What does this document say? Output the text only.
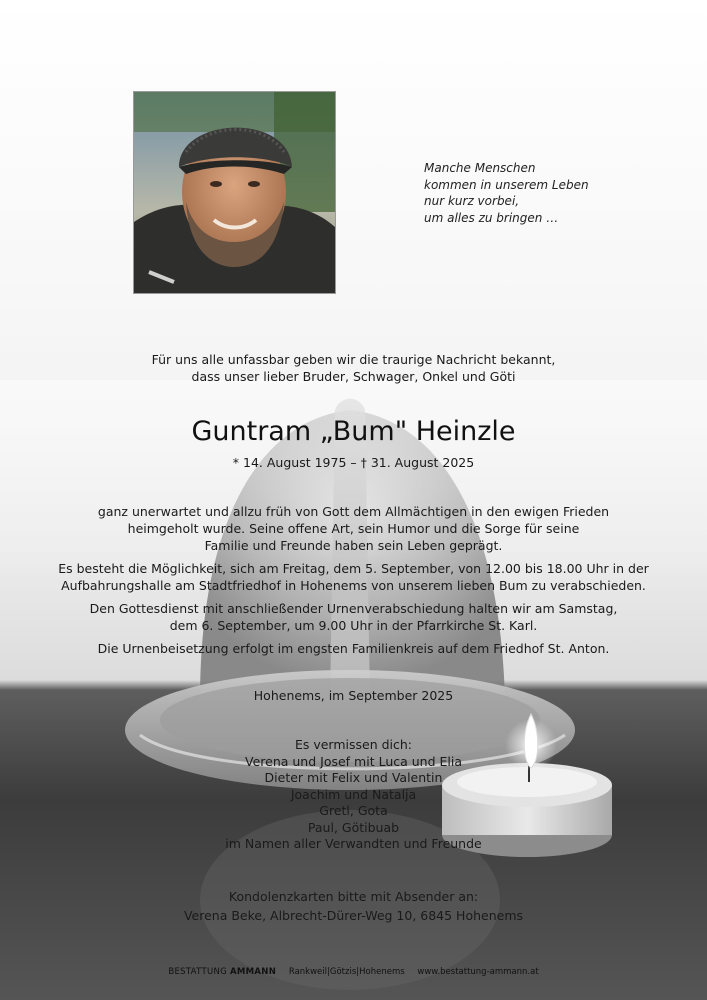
Manche Menschen
kommen in unserem Leben
nur kurz vorbei,
um alles zu bringen …
Für uns alle unfassbar geben wir die traurige Nachricht bekannt,
dass unser lieber Bruder, Schwager, Onkel und Göti
Guntram „Bum" Heinzle
* 14. August 1975 – † 31. August 2025
ganz unerwartet und allzu früh von Gott dem Allmächtigen in den ewigen Frieden
heimgeholt wurde. Seine offene Art, sein Humor und die Sorge für seine
Familie und Freunde haben sein Leben geprägt.
Es besteht die Möglichkeit, sich am Freitag, dem 5. September, von 12.00 bis 18.00 Uhr in der
Aufbahrungshalle am Stadtfriedhof in Hohenems von unserem lieben Bum zu verabschieden.
Den Gottesdienst mit anschließender Urnenverabschiedung halten wir am Samstag,
dem 6. September, um 9.00 Uhr in der Pfarrkirche St. Karl.
Die Urnenbeisetzung erfolgt im engsten Familienkreis auf dem Friedhof St. Anton.
Hohenems, im September 2025
Es vermissen dich:
Verena und Josef mit Luca und Elia
Dieter mit Felix und Valentin
Joachim und Natalja
Gretl, Gota
Paul, Götibuab
im Namen aller Verwandten und Freunde
Kondolenzkarten bitte mit Absender an:
Verena Beke, Albrecht-Dürer-Weg 10, 6845 Hohenems
BESTATTUNG AMMANN Rankweil|Götzis|Hohenems www.bestattung-ammann.at
